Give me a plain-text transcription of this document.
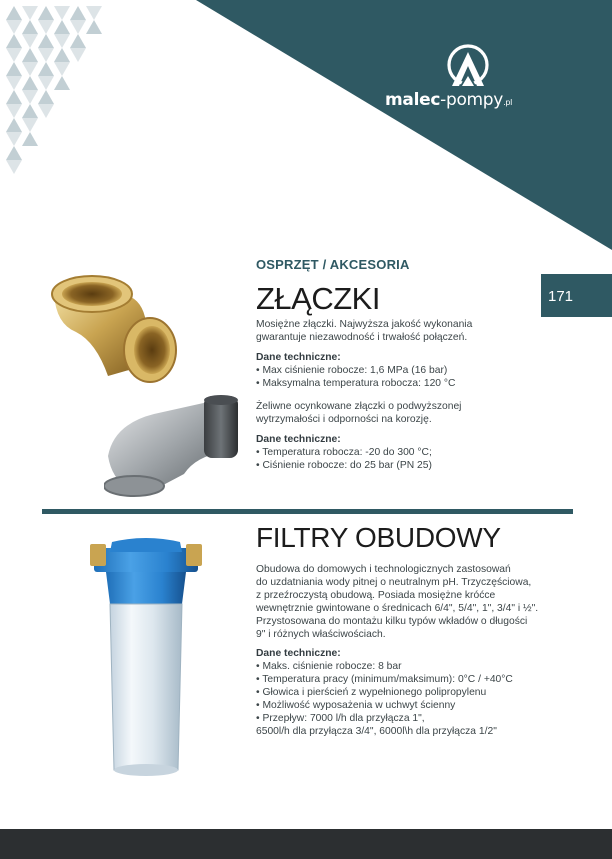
malec-pompy.pl
171
OSPRZĘT / AKCESORIA
ZŁĄCZKI
Mosiężne złączki. Najwyższa jakość wykonania
gwarantuje niezawodność i trwałość połączeń.
Dane techniczne:
• Max ciśnienie robocze: 1,6 MPa (16 bar)
• Maksymalna temperatura robocza: 120 °C
Żeliwne ocynkowane złączki o podwyższonej
wytrzymałości i odporności na korozję.
Dane techniczne:
• Temperatura robocza: -20 do 300 °C;
• Ciśnienie robocze: do 25 bar (PN 25)
FILTRY OBUDOWY
Obudowa do domowych i technologicznych zastosowań
do uzdatniania wody pitnej o neutralnym pH. Trzyczęściowa,
z przeźroczystą obudową. Posiada mosiężne króćce
wewnętrznie gwintowane o średnicach 6/4", 5/4", 1", 3/4" i ½".
Przystosowana do montażu kilku typów wkładów o długości
9" i różnych właściwościach.
Dane techniczne:
• Maks. ciśnienie robocze: 8 bar
• Temperatura pracy (minimum/maksimum): 0°C / +40°C
• Głowica i pierścień z wypełnionego polipropylenu
• Możliwość wyposażenia w uchwyt ścienny
• Przepływ: 7000 l/h dla przyłącza 1",
6500l/h dla przyłącza 3/4", 6000l\h dla przyłącza 1/2"
